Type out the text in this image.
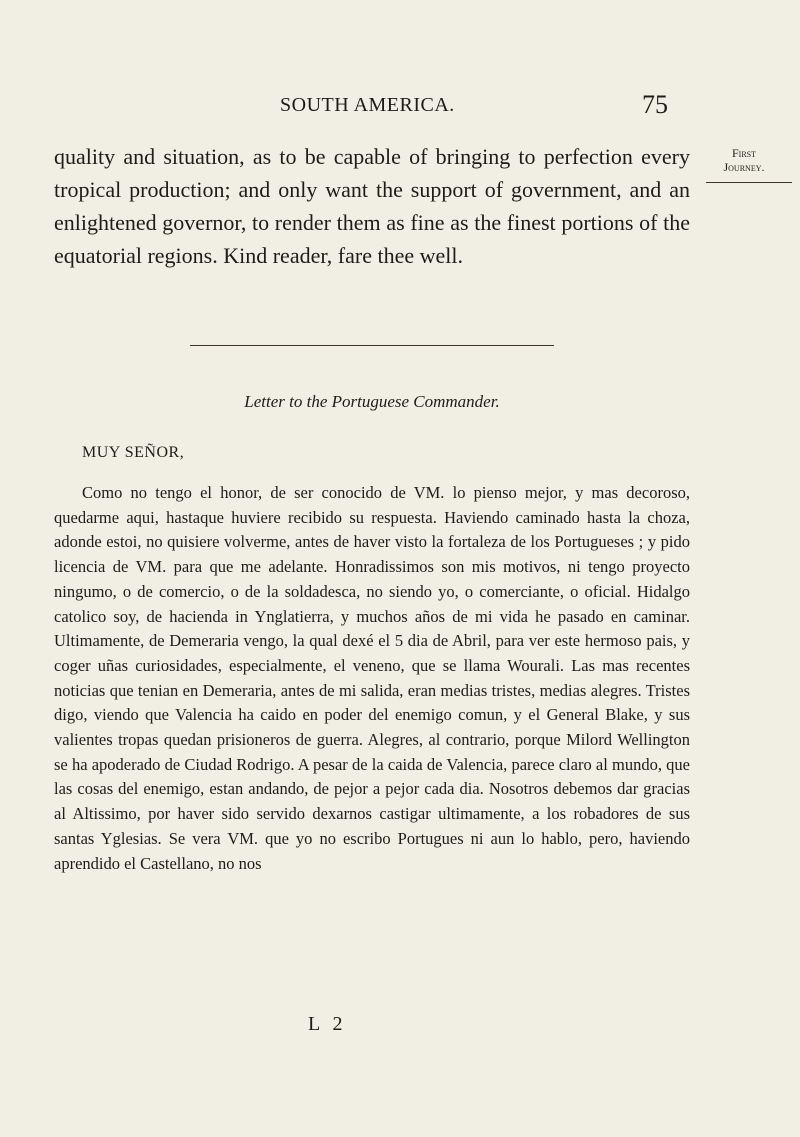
SOUTH AMERICA.	75
First
Journey.

quality and situation, as to be capable of bringing to perfection every tropical production; and only want the support of government, and an enlightened governor, to render them as fine as the finest portions of the equatorial regions. Kind reader, fare thee well.

Letter to the Portuguese Commander.
MUY SEÑOR,

Como no tengo el honor, de ser conocido de VM. lo pienso mejor, y mas decoroso, quedarme aqui, hastaque huviere recibido su respuesta. Haviendo caminado hasta la choza, adonde estoi, no quisiere volverme, antes de haver visto la fortaleza de los Portugueses ; y pido licencia de VM. para que me adelante. Honradissimos son mis motivos, ni tengo proyecto ningumo, o de comercio, o de la soldadesca, no siendo yo, o comerciante, o oficial. Hidalgo catolico soy, de hacienda in Ynglatierra, y muchos años de mi vida he pasado en caminar. Ultimamente, de Demeraria vengo, la qual dexé el 5 dia de Abril, para ver este hermoso pais, y coger uñas curiosidades, especialmente, el veneno, que se llama Wourali. Las mas recentes noticias que tenian en Demeraria, antes de mi salida, eran medias tristes, medias alegres. Tristes digo, viendo que Valencia ha caido en poder del enemigo comun, y el General Blake, y sus valientes tropas quedan prisioneros de guerra. Alegres, al contrario, porque Milord Wellington se ha apoderado de Ciudad Rodrigo. A pesar de la caida de Valencia, parece claro al mundo, que las cosas del enemigo, estan andando, de pejor a pejor cada dia. Nosotros debemos dar gracias al Altissimo, por haver sido servido dexarnos castigar ultimamente, a los robadores de sus santas Yglesias. Se vera VM. que yo no escribo Portugues ni aun lo hablo, pero, haviendo aprendido el Castellano, no nos

L 2
